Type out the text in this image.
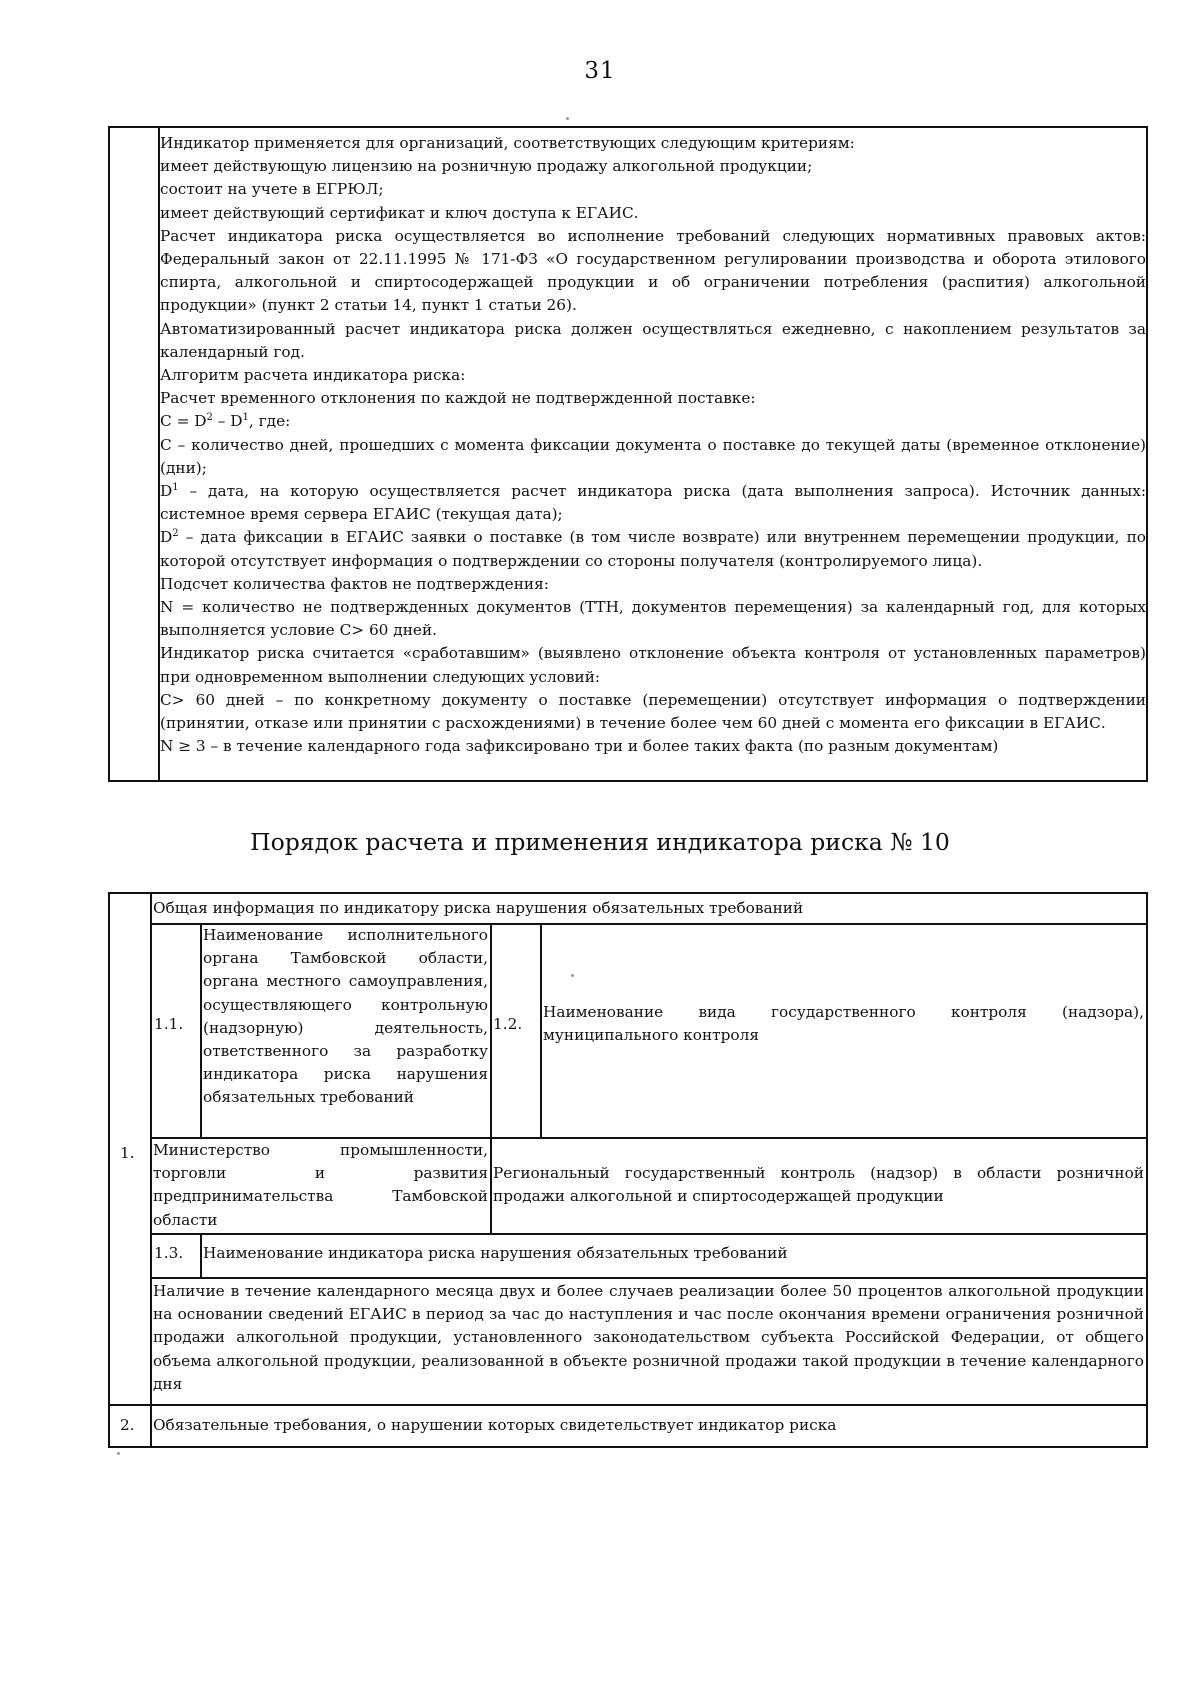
31

Индикатор применяется для организаций, соответствующих следующим критериям:

имеет действующую лицензию на розничную продажу алкогольной продукции;

состоит на учете в ЕГРЮЛ;

имеет действующий сертификат и ключ доступа к ЕГАИС.

Расчет индикатора риска осуществляется во исполнение требований следующих нормативных правовых актов: Федеральный закон от 22.11.1995 № 171-ФЗ «О государственном регулировании производства и оборота этилового спирта, алкогольной и спиртосодержащей продукции и об ограничении потребления (распития) алкогольной продукции» (пункт 2 статьи 14, пункт 1 статьи 26).

Автоматизированный расчет индикатора риска должен осуществляться ежедневно, с накоплением результатов за календарный год.

Алгоритм расчета индикатора риска:

Расчет временного отклонения по каждой не подтвержденной поставке:

$C = D^2 - D^1$, где:

C – количество дней, прошедших с момента фиксации документа о поставке до текущей даты (временное отклонение) (дни);

$D^1$ – дата, на которую осуществляется расчет индикатора риска (дата выполнения запроса). Источник данных: системное время сервера ЕГАИС (текущая дата);

$D^2$ – дата фиксации в ЕГАИС заявки о поставке (в том числе возврате) или внутреннем перемещении продукции, по которой отсутствует информация о подтверждении со стороны получателя (контролируемого лица).

Подсчет количества фактов не подтверждения:

N = количество не подтвержденных документов (ТТН, документов перемещения) за календарный год, для которых выполняется условие C> 60 дней.

Индикатор риска считается «сработавшим» (выявлено отклонение объекта контроля от установленных параметров) при одновременном выполнении следующих условий:

C> 60 дней – по конкретному документу о поставке (перемещении) отсутствует информация о подтверждении (принятии, отказе или принятии с расхождениями) в течение более чем 60 дней с момента его фиксации в ЕГАИС.

N ≥ 3 – в течение календарного года зафиксировано три и более таких факта (по разным документам)

Порядок расчета и применения индикатора риска № 10
1.
Общая информация по индикатору риска нарушения обязательных требований
1.1.
Наименование исполнительного органа Тамбовской области, органа местного самоуправления, осуществляющего контрольную (надзорную) деятельность, ответственного за разработку индикатора риска нарушения обязательных требований
1.2.
Наименование вида государственного контроля (надзора), муниципального контроля
Министерство промышленности, торговли и развития предпринимательства Тамбовской области
Региональный государственный контроль (надзор) в области розничной продажи алкогольной и спиртосодержащей продукции
1.3.	Наименование индикатора риска нарушения обязательных требований
Наличие в течение календарного месяца двух и более случаев реализации более 50 процентов алкогольной продукции на основании сведений ЕГАИС в период за час до наступления и час после окончания времени ограничения розничной продажи алкогольной продукции, установленного законодательством субъекта Российской Федерации, от общего объема алкогольной продукции, реализованной в объекте розничной продажи такой продукции в течение календарного дня
2.	Обязательные требования, о нарушении которых свидетельствует индикатор риска
